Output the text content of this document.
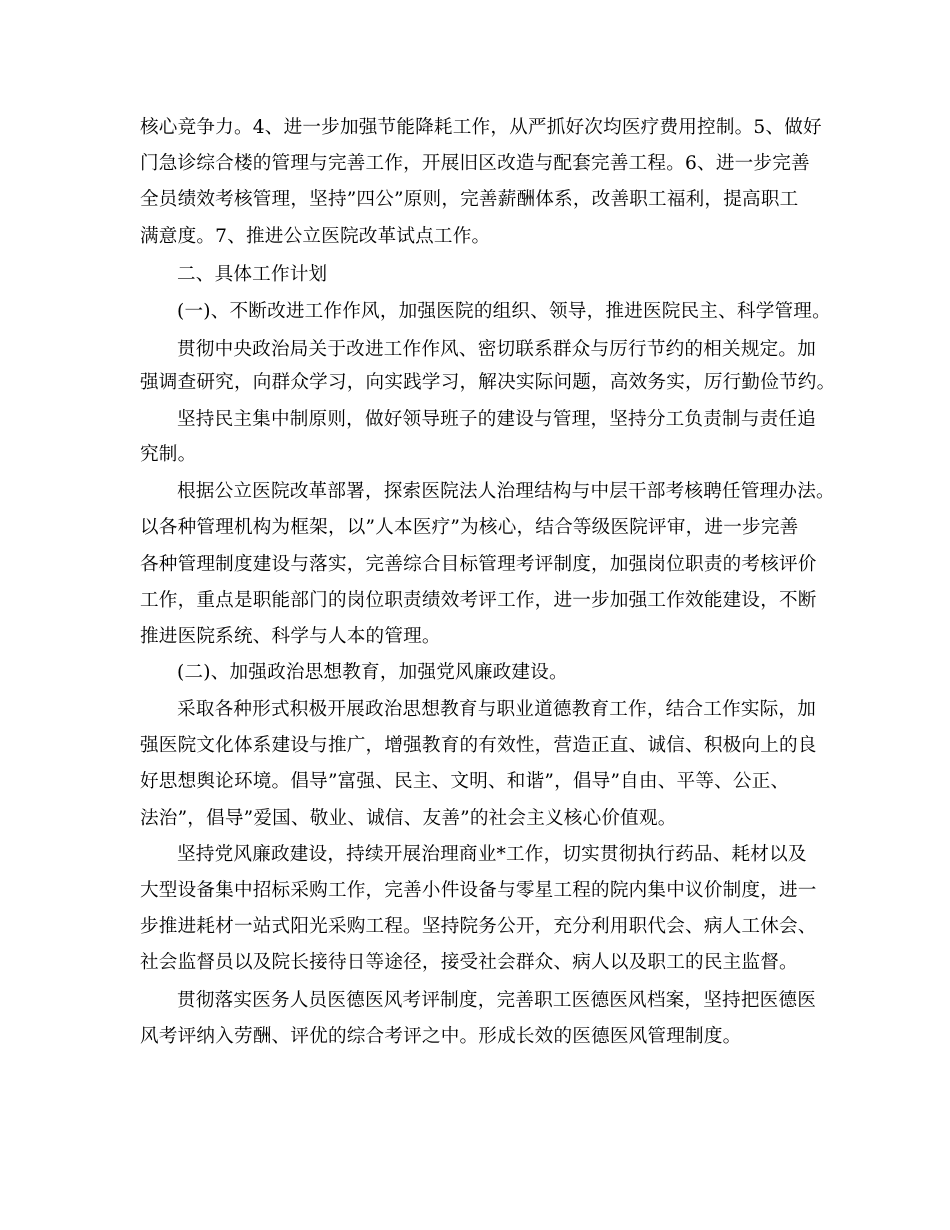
核心竞争力。4、进一步加强节能降耗工作，从严抓好次均医疗费用控制。5、做好
门急诊综合楼的管理与完善工作，开展旧区改造与配套完善工程。6、进一步完善
全员绩效考核管理，坚持”四公”原则，完善薪酬体系，改善职工福利，提高职工
满意度。7、推进公立医院改革试点工作。
二、具体工作计划
(一)、不断改进工作作风，加强医院的组织、领导，推进医院民主、科学管理。
贯彻中央政治局关于改进工作作风、密切联系群众与厉行节约的相关规定。加
强调查研究，向群众学习，向实践学习，解决实际问题，高效务实，厉行勤俭节约。
坚持民主集中制原则，做好领导班子的建设与管理，坚持分工负责制与责任追
究制。
根据公立医院改革部署，探索医院法人治理结构与中层干部考核聘任管理办法。
以各种管理机构为框架，以”人本医疗”为核心，结合等级医院评审，进一步完善
各种管理制度建设与落实，完善综合目标管理考评制度，加强岗位职责的考核评价
工作，重点是职能部门的岗位职责绩效考评工作，进一步加强工作效能建设，不断
推进医院系统、科学与人本的管理。
(二)、加强政治思想教育，加强党风廉政建设。
采取各种形式积极开展政治思想教育与职业道德教育工作，结合工作实际，加
强医院文化体系建设与推广，增强教育的有效性，营造正直、诚信、积极向上的良
好思想舆论环境。倡导”富强、民主、文明、和谐”，倡导”自由、平等、公正、
法治”，倡导”爱国、敬业、诚信、友善”的社会主义核心价值观。
坚持党风廉政建设，持续开展治理商业*工作，切实贯彻执行药品、耗材以及
大型设备集中招标采购工作，完善小件设备与零星工程的院内集中议价制度，进一
步推进耗材一站式阳光采购工程。坚持院务公开，充分利用职代会、病人工休会、
社会监督员以及院长接待日等途径，接受社会群众、病人以及职工的民主监督。
贯彻落实医务人员医德医风考评制度，完善职工医德医风档案，坚持把医德医
风考评纳入劳酬、评优的综合考评之中。形成长效的医德医风管理制度。
